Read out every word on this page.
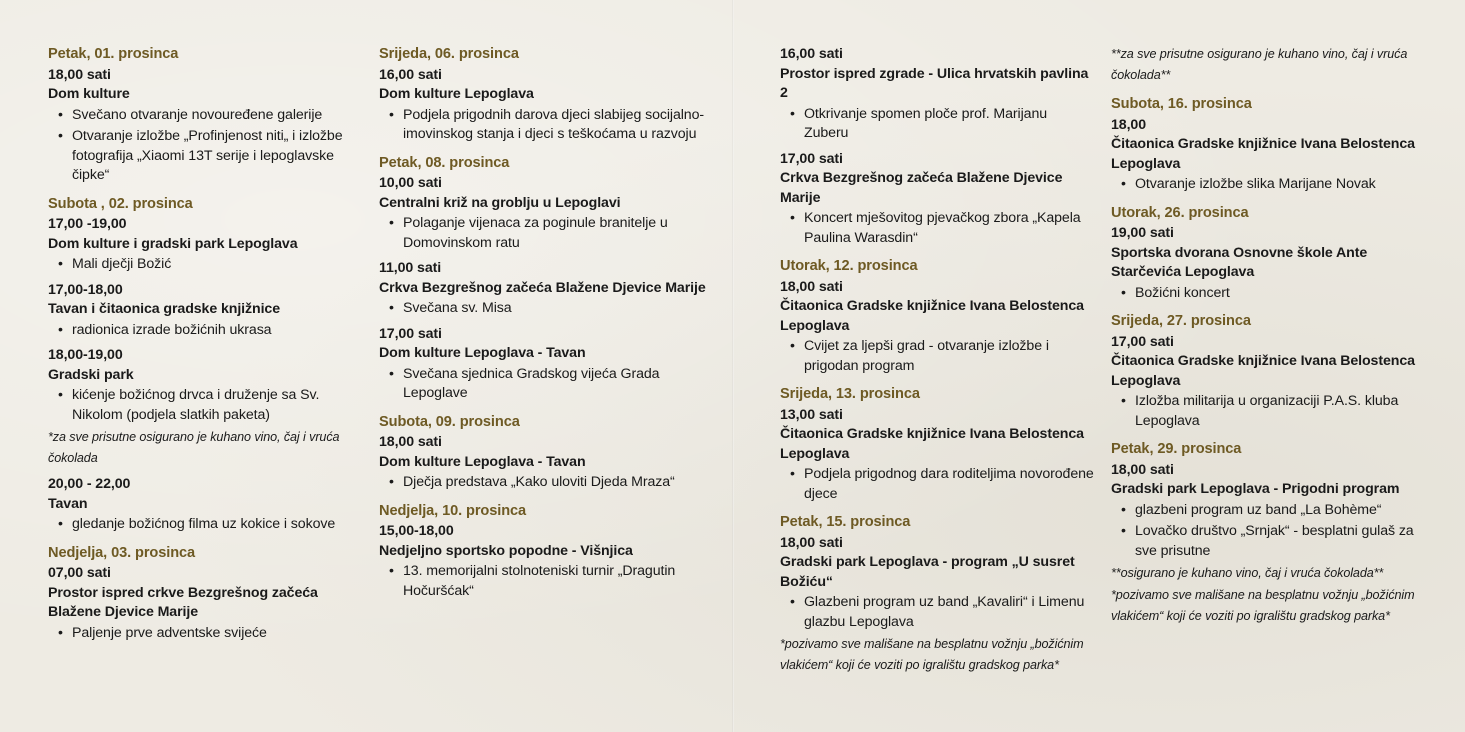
Petak, 01. prosinca
18,00 sati
Dom kulture
• Svečano otvaranje novouređene galerije
• Otvaranje izložbe „Profinjenost niti„ i izložbe fotografija „Xiaomi 13T serije i lepoglavske čipke“
Subota , 02. prosinca
17,00 -19,00
Dom kulture i gradski park Lepoglava
• Mali dječji Božić
17,00-18,00
Tavan i čitaonica gradske knjižnice
• radionica izrade božićnih ukrasa
18,00-19,00
Gradski park
• kićenje božićnog drvca i druženje sa Sv. Nikolom (podjela slatkih paketa)
*za sve prisutne osigurano je kuhano vino, čaj i vruća čokolada
20,00 - 22,00
Tavan
• gledanje božićnog filma uz kokice i sokove
Nedjelja, 03. prosinca
07,00 sati
Prostor ispred crkve Bezgrešnog začeća Blažene Djevice Marije
• Paljenje prve adventske svijeće
Srijeda, 06. prosinca
16,00 sati
Dom kulture Lepoglava
• Podjela prigodnih darova djeci slabijeg socijalno-imovinskog stanja i djeci s teškoćama u razvoju
Petak, 08. prosinca
10,00 sati
Centralni križ na groblju u Lepoglavi
• Polaganje vijenaca za poginule branitelje u Domovinskom ratu
11,00 sati
Crkva Bezgrešnog začeća Blažene Djevice Marije
• Svečana sv. Misa
17,00 sati
Dom kulture Lepoglava - Tavan
• Svečana sjednica Gradskog vijeća Grada Lepoglave
Subota, 09. prosinca
18,00 sati
Dom kulture Lepoglava - Tavan
• Dječja predstava „Kako uloviti Djeda Mraza“
Nedjelja, 10. prosinca
15,00-18,00
Nedjeljno sportsko popodne - Višnjica
• 13. memorijalni stolnoteniski turnir „Dragutin Hočuršćak“
16,00 sati
Prostor ispred zgrade - Ulica hrvatskih pavlina 2
• Otkrivanje spomen ploče prof. Marijanu Zuberu
17,00 sati
Crkva Bezgrešnog začeća Blažene Djevice Marije
• Koncert mješovitog pjevačkog zbora „Kapela Paulina Warasdin“
Utorak, 12. prosinca
18,00 sati
Čitaonica Gradske knjižnice Ivana Belostenca Lepoglava
• Cvijet za ljepši grad - otvaranje izložbe i prigodan program
Srijeda, 13. prosinca
13,00 sati
Čitaonica Gradske knjižnice Ivana Belostenca Lepoglava
• Podjela prigodnog dara roditeljima novorođene djece
Petak, 15. prosinca
18,00 sati
Gradski park Lepoglava - program „U susret Božiću“
• Glazbeni program uz band „Kavaliri“ i Limenu glazbu Lepoglava
*pozivamo sve mališane na besplatnu vožnju „božićnim vlakićem“ koji će voziti po igralištu gradskog parka*
**za sve prisutne osigurano je kuhano vino, čaj i vruća čokolada**
Subota, 16. prosinca
18,00
Čitaonica Gradske knjižnice Ivana Belostenca Lepoglava
• Otvaranje izložbe slika Marijane Novak
Utorak, 26. prosinca
19,00 sati
Sportska dvorana Osnovne škole Ante Starčevića Lepoglava
• Božićni koncert
Srijeda, 27. prosinca
17,00 sati
Čitaonica Gradske knjižnice Ivana Belostenca Lepoglava
• Izložba militarija u organizaciji P.A.S. kluba Lepoglava
Petak, 29. prosinca
18,00 sati
Gradski park Lepoglava - Prigodni program
• glazbeni program uz band „La Bohème“
• Lovačko društvo „Srnjak“ - besplatni gulaš za sve prisutne
**osigurano je kuhano vino, čaj i vruća čokolada**
*pozivamo sve mališane na besplatnu vožnju „božićnim vlakićem“ koji će voziti po igralištu gradskog parka*
